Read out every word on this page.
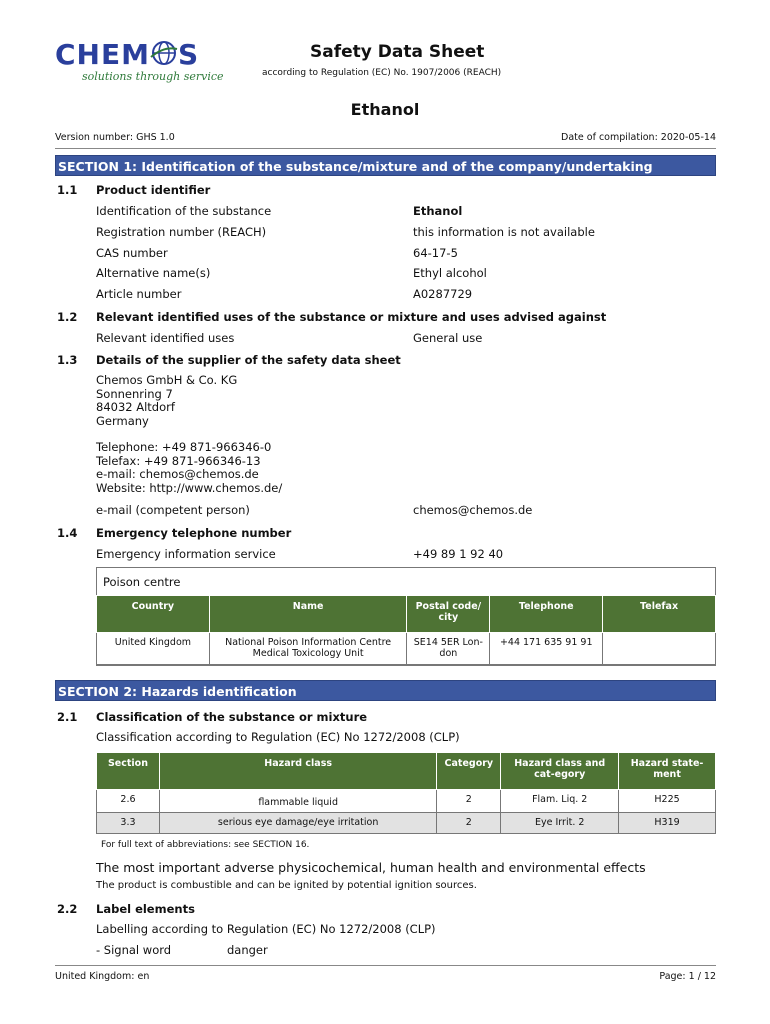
CHEM S
solutions through service
Safety Data Sheet
according to Regulation (EC) No. 1907/2006 (REACH)
Ethanol
Version number: GHS 1.0	Date of compilation: 2020-05-14
SECTION 1: Identification of the substance/mixture and of the company/undertaking
1.1 Product identifier
Identification of the substance	Ethanol
Registration number (REACH)	this information is not available
CAS number	64-17-5
Alternative name(s)	Ethyl alcohol
Article number	A0287729
1.2 Relevant identified uses of the substance or mixture and uses advised against
Relevant identified uses	General use
1.3 Details of the supplier of the safety data sheet
Chemos GmbH & Co. KG
Sonnenring 7
84032 Altdorf
Germany
Telephone: +49 871-966346-0
Telefax: +49 871-966346-13
e-mail: chemos@chemos.de
Website: http://www.chemos.de/
e-mail (competent person)	chemos@chemos.de
1.4 Emergency telephone number
Emergency information service	+49 89 1 92 40
Poison centre
Country	Name	Postal code/ city	Telephone	Telefax
United Kingdom	National Poison Information Centre Medical Toxicology Unit	SE14 5ER Lon-don	+44 171 635 91 91	
SECTION 2: Hazards identification
2.1 Classification of the substance or mixture
Classification according to Regulation (EC) No 1272/2008 (CLP)
Section	Hazard class	Category	Hazard class and cat-egory	Hazard state-ment
2.6	flammable liquid	2	Flam. Liq. 2	H225
3.3	serious eye damage/eye irritation	2	Eye Irrit. 2	H319
For full text of abbreviations: see SECTION 16.
The most important adverse physicochemical, human health and environmental effects
The product is combustible and can be ignited by potential ignition sources.
2.2 Label elements
Labelling according to Regulation (EC) No 1272/2008 (CLP)
- Signal word	danger
United Kingdom: en	Page: 1 / 12
